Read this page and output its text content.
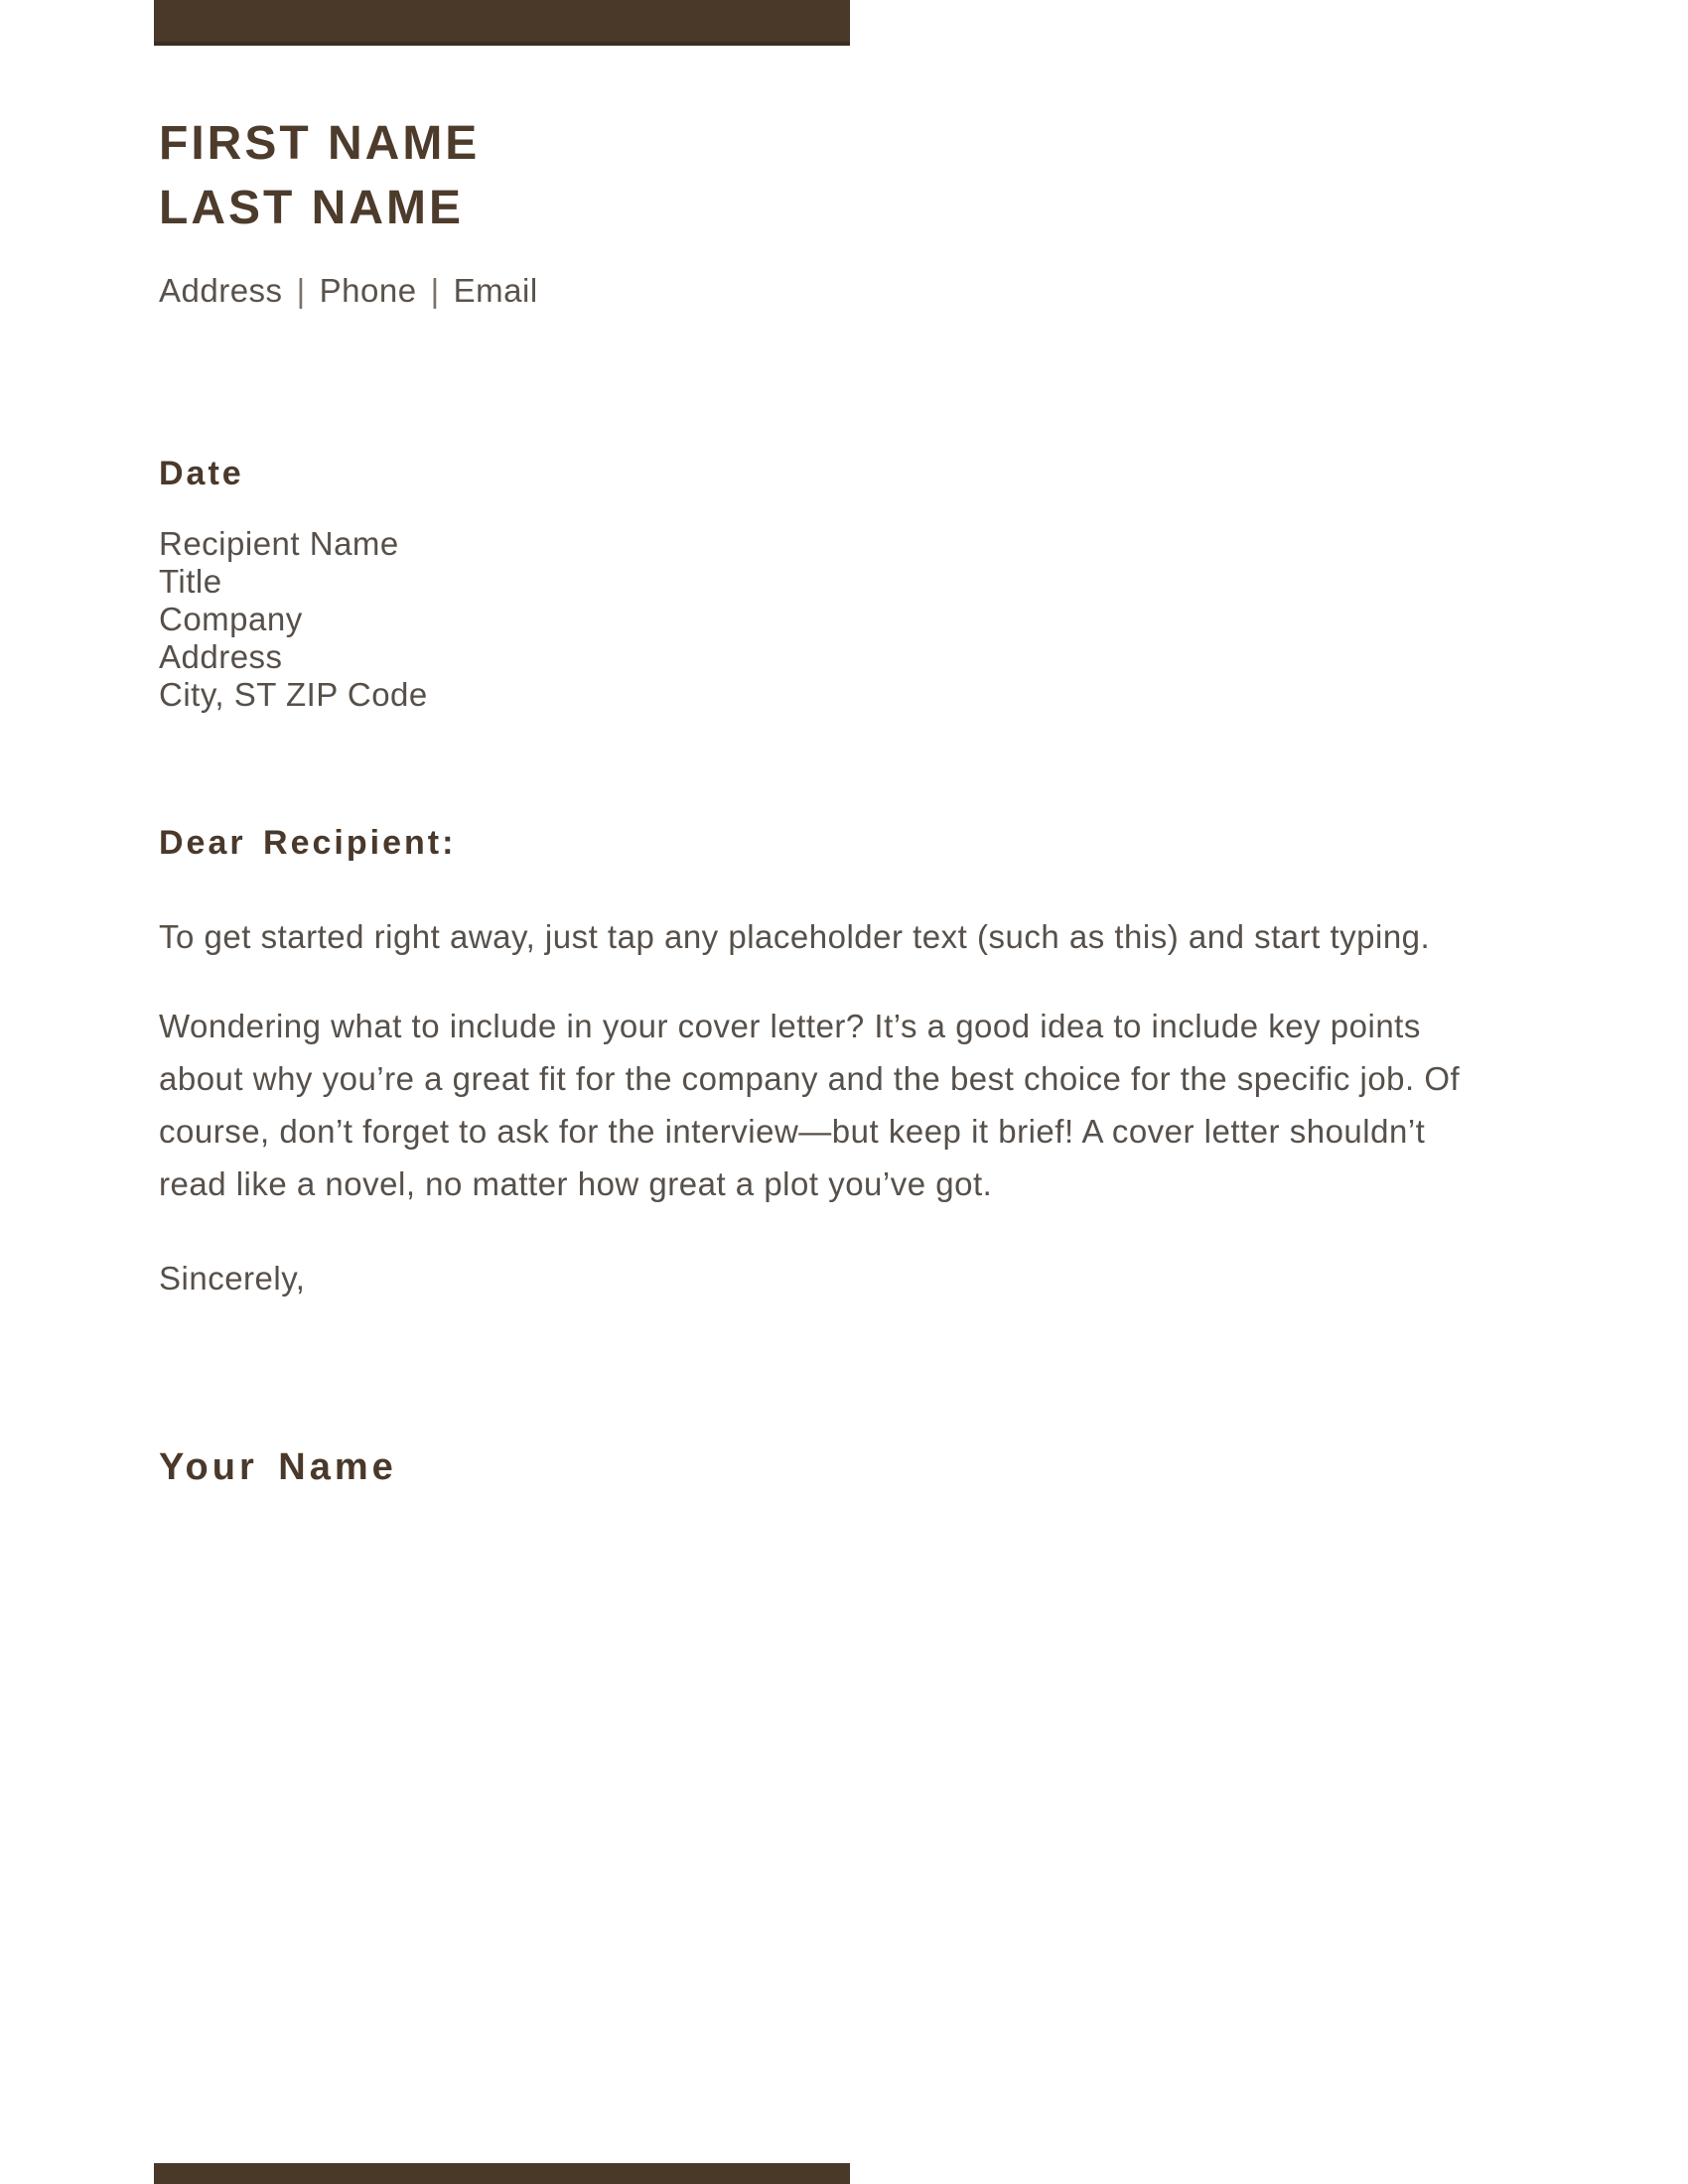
FIRST NAME
LAST NAME
Address | Phone | Email
Date
Recipient Name
Title
Company
Address
City, ST ZIP Code
Dear Recipient:

To get started right away, just tap any placeholder text (such as this) and start typing.

Wondering what to include in your cover letter? It’s a good idea to include key points about why you’re a great fit for the company and the best choice for the specific job. Of course, don’t forget to ask for the interview—but keep it brief! A cover letter shouldn’t read like a novel, no matter how great a plot you’ve got.

Sincerely,
Your Name
